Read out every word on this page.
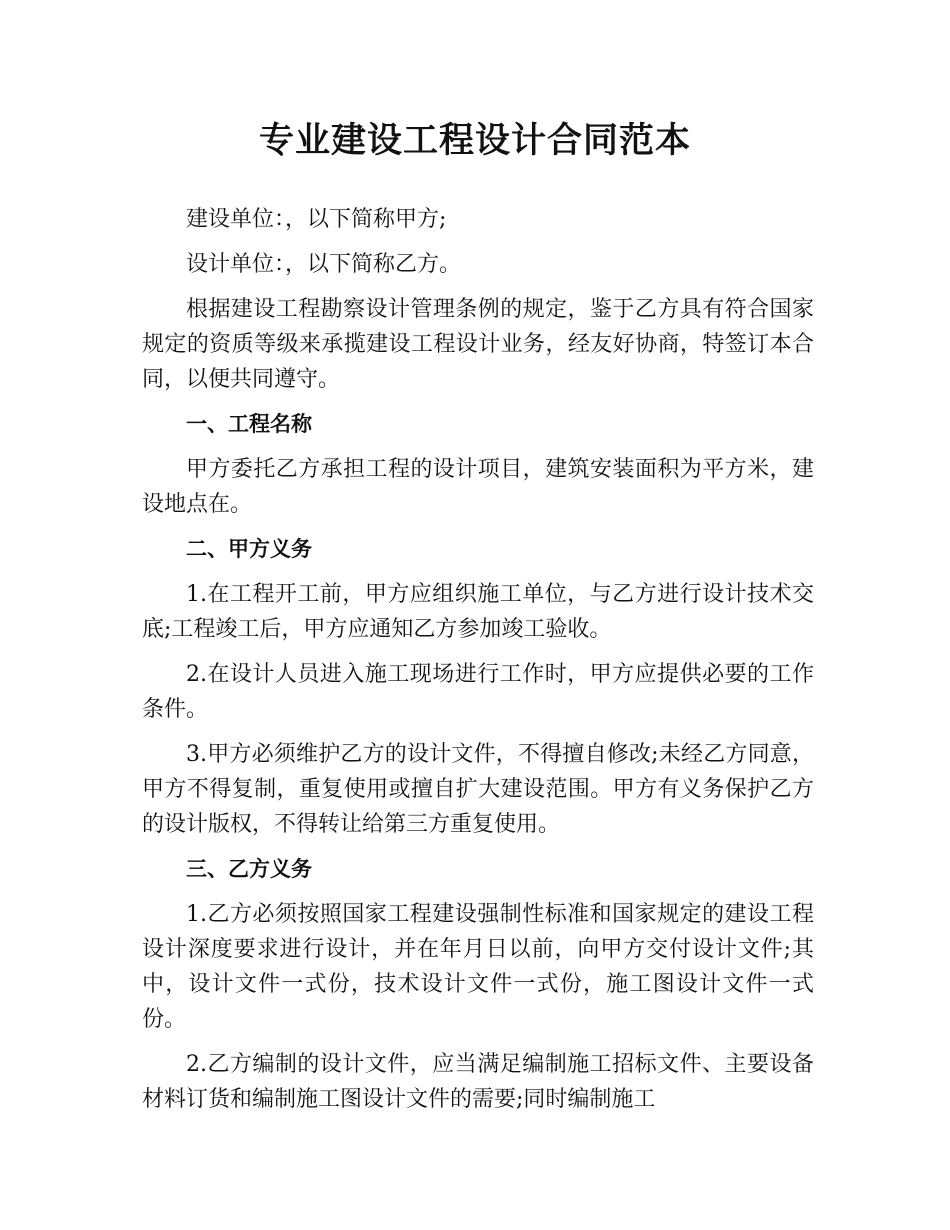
专业建设工程设计合同范本

建设单位：，以下简称甲方;

设计单位：，以下简称乙方。

根据建设工程勘察设计管理条例的规定，鉴于乙方具有符合国家规定的资质等级来承揽建设工程设计业务，经友好协商，特签订本合同，以便共同遵守。

一、工程名称

甲方委托乙方承担工程的设计项目，建筑安装面积为平方米，建设地点在。

二、甲方义务

1.在工程开工前，甲方应组织施工单位，与乙方进行设计技术交底;工程竣工后，甲方应通知乙方参加竣工验收。

2.在设计人员进入施工现场进行工作时，甲方应提供必要的工作条件。

3.甲方必须维护乙方的设计文件，不得擅自修改;未经乙方同意，甲方不得复制，重复使用或擅自扩大建设范围。甲方有义务保护乙方的设计版权，不得转让给第三方重复使用。

三、乙方义务

1.乙方必须按照国家工程建设强制性标准和国家规定的建设工程设计深度要求进行设计，并在年月日以前，向甲方交付设计文件;其中，设计文件一式份，技术设计文件一式份，施工图设计文件一式份。

2.乙方编制的设计文件，应当满足编制施工招标文件、主要设备材料订货和编制施工图设计文件的需要;同时编制施工
